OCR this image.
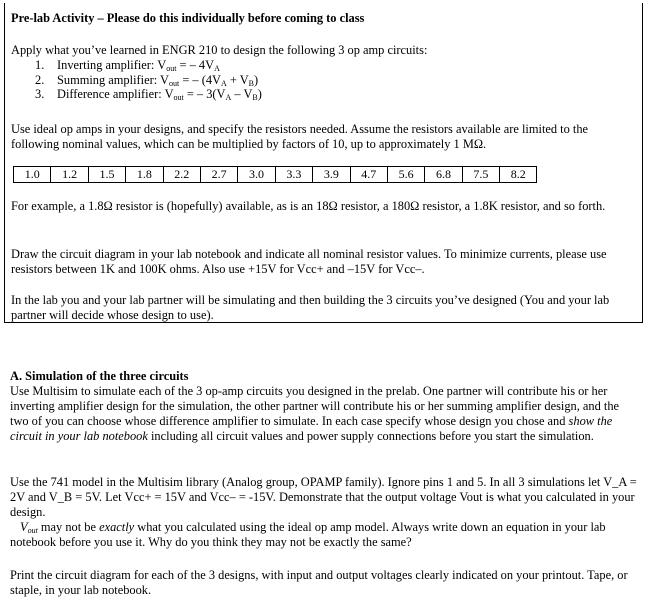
Pre-lab Activity – Please do this individually before coming to class

Apply what you’ve learned in ENGR 210 to design the following 3 op amp circuits:

1. Inverting amplifier: $V_{out}$ = – $4V_A$
2. Summing amplifier: $V_{out}$ = – $(4V_A + V_B)$
3. Difference amplifier: $V_{out}$ = – $3(V_A - V_B)$

Use ideal op amps in your designs, and specify the resistors needed. Assume the resistors available are limited to the following nominal values, which can be multiplied by factors of 10, up to approximately 1 MΩ.

1.0	1.2	1.5	1.8	2.2	2.7	3.0	3.3	3.9	4.7	5.6	6.8	7.5	8.2

For example, a 1.8Ω resistor is (hopefully) available, as is an 18Ω resistor, a 180Ω resistor, a 1.8K resistor, and so forth.

Draw the circuit diagram in your lab notebook and indicate all nominal resistor values. To minimize currents, please use resistors between 1K and 100K ohms. Also use +15V for Vcc+ and –15V for Vcc–.

In the lab you and your lab partner will be simulating and then building the 3 circuits you’ve designed (You and your lab partner will decide whose design to use).

A. Simulation of the three circuits

Use Multisim to simulate each of the 3 op-amp circuits you designed in the prelab. One partner will contribute his or her inverting amplifier design for the simulation, the other partner will contribute his or her summing amplifier design, and the two of you can choose whose difference amplifier to simulate. In each case specify whose design you chose and show the circuit in your lab notebook including all circuit values and power supply connections before you start the simulation.

Use the 741 model in the Multisim library (Analog group, OPAMP family). Ignore pins 1 and 5. In all 3 simulations let V_A = 2V and V_B = 5V. Let Vcc+ = 15V and Vcc– = -15V. Demonstrate that the output voltage Vout is what you calculated in your design.

$V_{out}$ may not be exactly what you calculated using the ideal op amp model. Always write down an equation in your lab notebook before you use it. Why do you think they may not be exactly the same?

Print the circuit diagram for each of the 3 designs, with input and output voltages clearly indicated on your printout. Tape, or staple, in your lab notebook.
